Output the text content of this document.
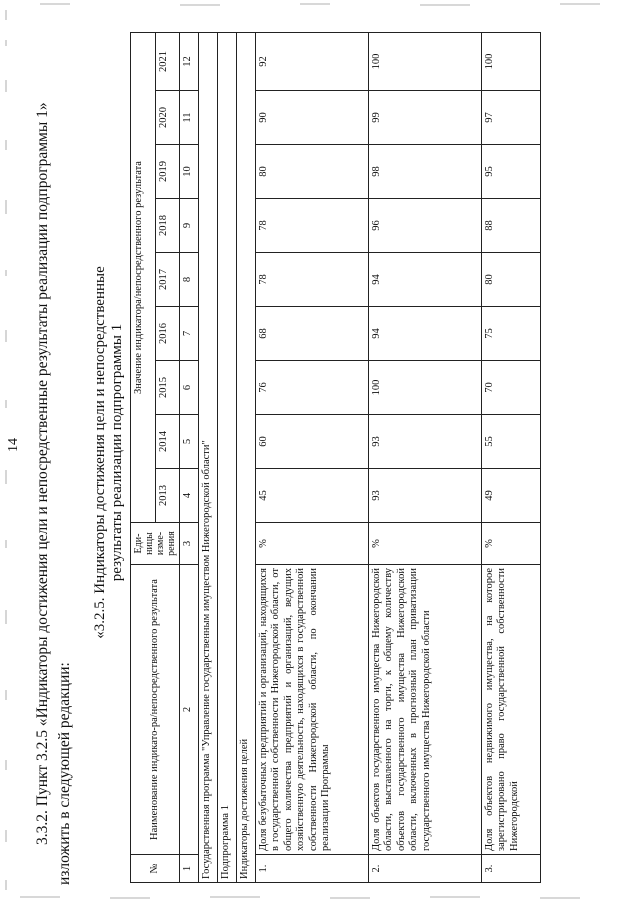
14 3.3.2. Пункт 3.2.5 «Индикаторы достижения цели и непосредственные результаты реализации подпрограммы 1» изложить в следующей редакции:
«3.2.5. Индикаторы достижения цели и непосредственные результаты реализации подпрограммы 1
№	Наименование индикато-ра/непосредственного результата	Еди-ницы изме-рения	Значение индикатора/непосредственного результата								
			2013	2014	2015	2016	2017	2018	2019	2020	2021
1	2	3	4	5	6	7	8	9	10	11	12
Государственная программа "Управление государственным имуществом Нижегородской области"											
Подпрограмма 1											
Индикаторы достижения целей											
1.	Доля безубыточных предприятий и организаций, находящихся в государственной собственности Нижегородской области, от общего количества предприятий и организаций, ведущих хозяйственную деятельность, находящихся в государственной собственности Нижегородской области, по окончании реализации Программы	%	45	60	76	68	78	78	80	90	92
2.	Доля объектов государственного имущества Нижегородской области, выставленного на торги, к общему количеству объектов государственного имущества Нижегородской области, включенных в прогнозный план приватизации государственного имущества Нижегородской области	%	93	93	100	94	94	96	98	99	100
3.	Доля объектов недвижимого имущества, на которое зарегистрировано право государственной собственности Нижегородской	%	49	55	70	75	80	88	95	97	100
